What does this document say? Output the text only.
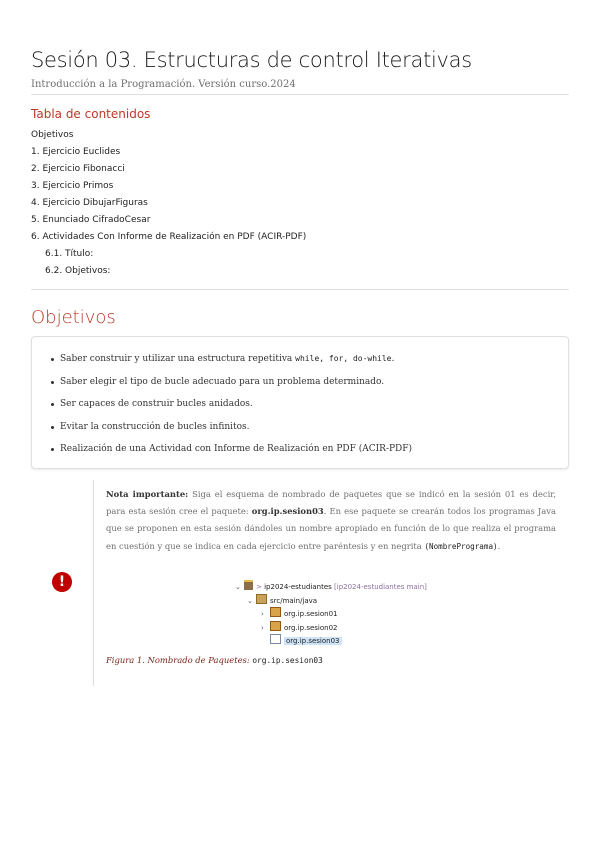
Sesión 03. Estructuras de control Iterativas
Introducción a la Programación. Versión curso.2024
Tabla de contenidos
Objetivos
1. Ejercicio Euclides
2. Ejercicio Fibonacci
3. Ejercicio Primos
4. Ejercicio DibujarFiguras
5. Enunciado CifradoCesar
6. Actividades Con Informe de Realización en PDF (ACIR-PDF)
6.1. Título:
6.2. Objetivos:
Objetivos
Saber construir y utilizar una estructura repetitiva while, for, do-while.
Saber elegir el tipo de bucle adecuado para un problema determinado.
Ser capaces de construir bucles anidados.
Evitar la construcción de bucles infinitos.
Realización de una Actividad con Informe de Realización en PDF (ACIR-PDF)
!

Nota importante: Siga el esquema de nombrado de paquetes que se indicó en la sesión 01 es decir, para esta sesión cree el paquete: org.ip.sesion03. En ese paquete se crearán todos los programas Java que se proponen en esta sesión dándoles un nombre apropiado en función de lo que realiza el programa en cuestión y que se indica en cada ejercicio entre paréntesis y en negrita (NombrePrograma).

⌄ > ip2024-estudiantes [ip2024-estudiantes main]
⌄ src/main/java
›	org.ip.sesion01
›	org.ip.sesion02
org.ip.sesion03
Figura 1. Nombrado de Paquetes: org.ip.sesion03
